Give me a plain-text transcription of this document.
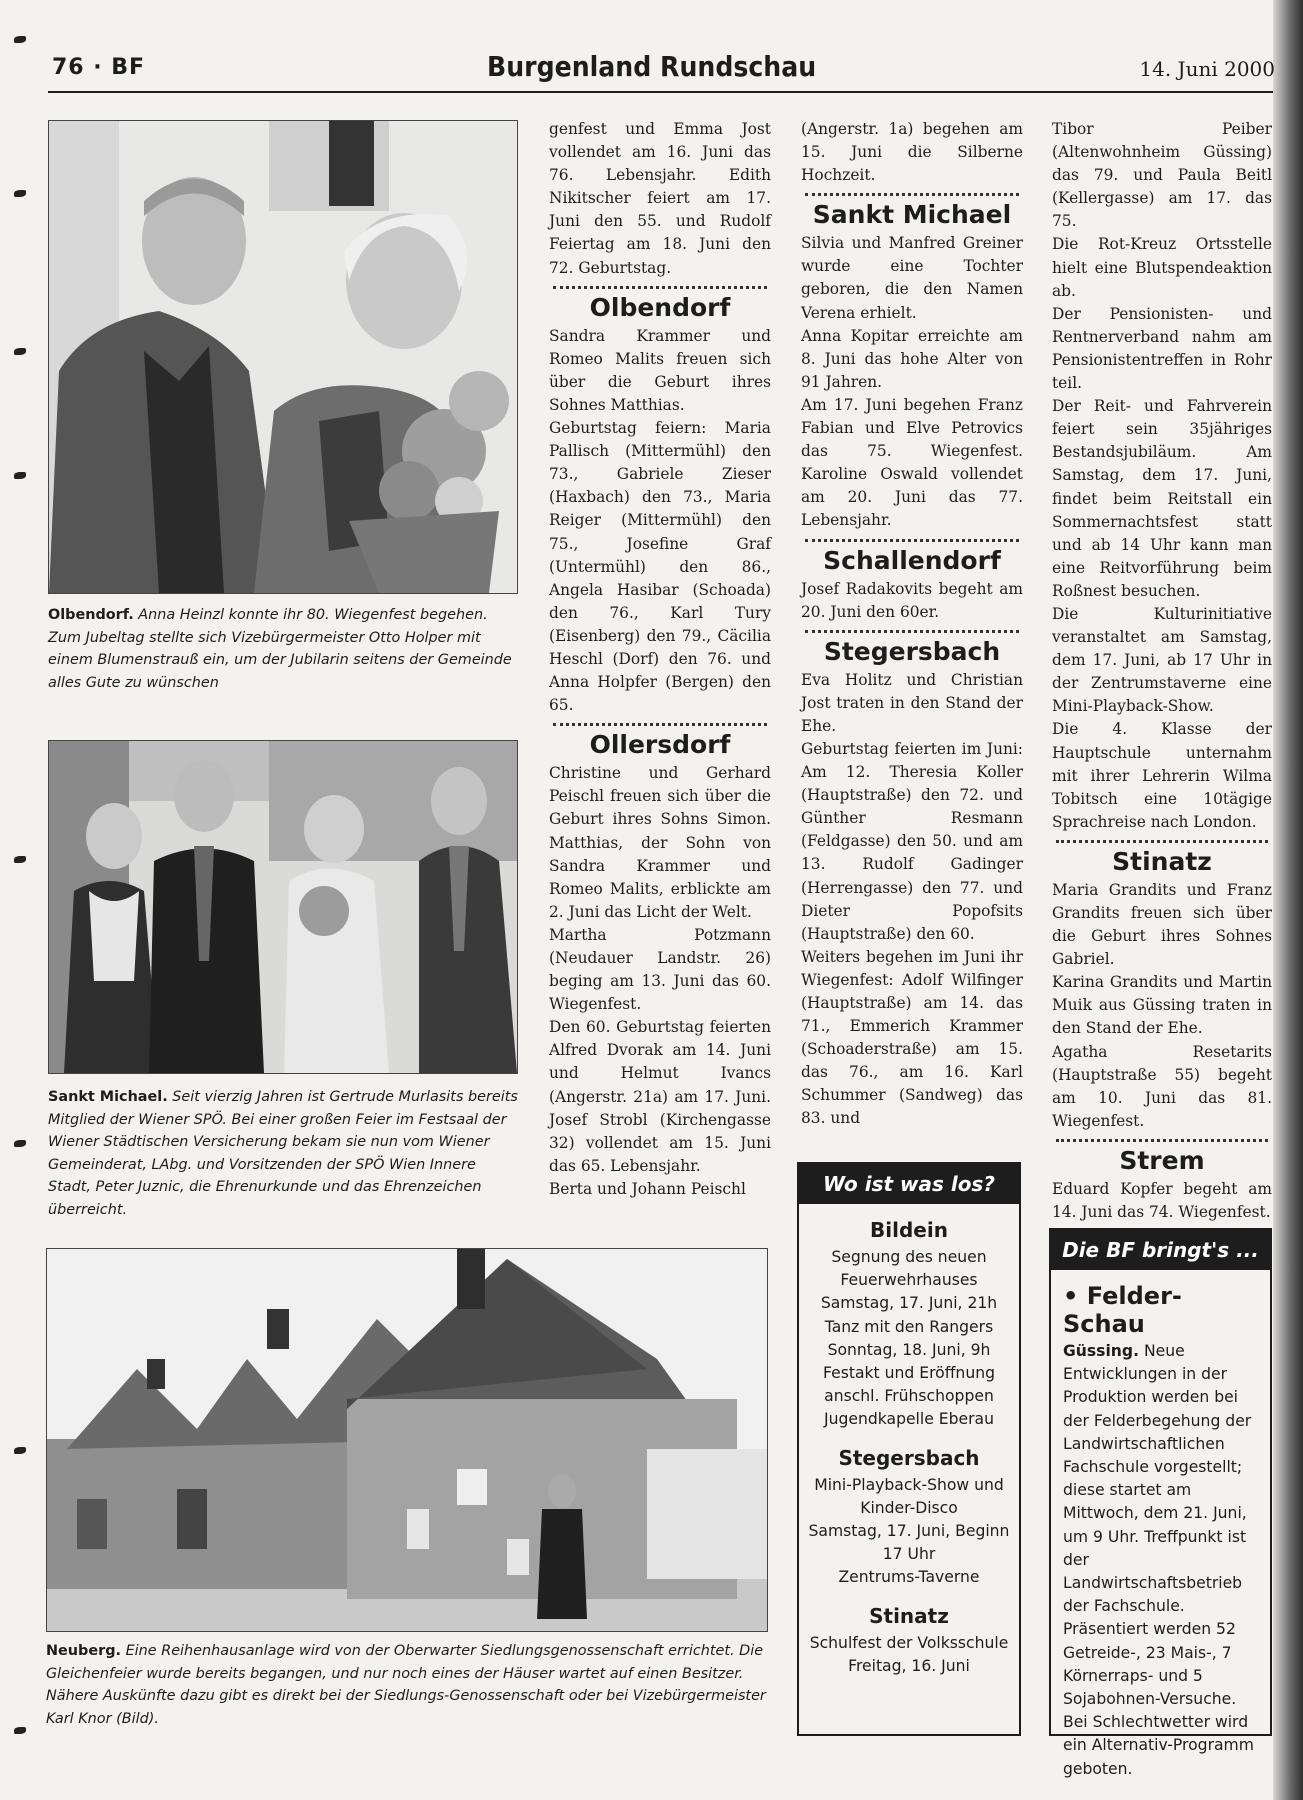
76 · BF	Burgenland Rundschau	14. Juni 2000
Olbendorf. Anna Heinzl konnte ihr 80. Wiegenfest begehen. Zum Jubeltag stellte sich Vizebürgermeister Otto Holper mit einem Blumenstrauß ein, um der Jubilarin seitens der Gemeinde alles Gute zu wünschen
Sankt Michael. Seit vierzig Jahren ist Gertrude Murlasits bereits Mitglied der Wiener SPÖ. Bei einer großen Feier im Festsaal der Wiener Städtischen Versicherung bekam sie nun vom Wiener Gemeinderat, LAbg. und Vorsitzenden der SPÖ Wien Innere Stadt, Peter Juznic, die Ehrenurkunde und das Ehrenzeichen überreicht.
Neuberg. Eine Reihenhausanlage wird von der Oberwarter Siedlungsgenossenschaft errichtet. Die Gleichenfeier wurde bereits begangen, und nur noch eines der Häuser wartet auf einen Besitzer. Nähere Auskünfte dazu gibt es direkt bei der Siedlungs-Genossenschaft oder bei Vizebürgermeister Karl Knor (Bild).

genfest und Emma Jost vollendet am 16. Juni das 76. Lebensjahr. Edith Nikitscher feiert am 17. Juni den 55. und Rudolf Feiertag am 18. Juni den 72. Geburtstag.

Olbendorf

Sandra Krammer und Romeo Malits freuen sich über die Geburt ihres Sohnes Matthias.

Geburtstag feiern: Maria Pallisch (Mittermühl) den 73., Gabriele Zieser (Haxbach) den 73., Maria Reiger (Mittermühl) den 75., Josefine Graf (Untermühl) den 86., Angela Hasibar (Schoada) den 76., Karl Tury (Eisenberg) den 79., Cäcilia Heschl (Dorf) den 76. und Anna Holpfer (Bergen) den 65.

Ollersdorf

Christine und Gerhard Peischl freuen sich über die Geburt ihres Sohns Simon. Matthias, der Sohn von Sandra Krammer und Romeo Malits, erblickte am 2. Juni das Licht der Welt.

Martha Potzmann (Neudauer Landstr. 26) beging am 13. Juni das 60. Wiegenfest.

Den 60. Geburtstag feierten Alfred Dvorak am 14. Juni und Helmut Ivancs (Angerstr. 21a) am 17. Juni. Josef Strobl (Kirchengasse 32) vollendet am 15. Juni das 65. Lebensjahr.

Berta und Johann Peischl

(Angerstr. 1a) begehen am 15. Juni die Silberne Hochzeit.

Sankt Michael

Silvia und Manfred Greiner wurde eine Tochter geboren, die den Namen Verena erhielt.

Anna Kopitar erreichte am 8. Juni das hohe Alter von 91 Jahren.

Am 17. Juni begehen Franz Fabian und Elve Petrovics das 75. Wiegenfest. Karoline Oswald vollendet am 20. Juni das 77. Lebensjahr.

Schallendorf

Josef Radakovits begeht am 20. Juni den 60er.

Stegersbach

Eva Holitz und Christian Jost traten in den Stand der Ehe.

Geburtstag feierten im Juni: Am 12. Theresia Koller (Hauptstraße) den 72. und Günther Resmann (Feldgasse) den 50. und am 13. Rudolf Gadinger (Herrengasse) den 77. und Dieter Popofsits (Hauptstraße) den 60.

Weiters begehen im Juni ihr Wiegenfest: Adolf Wilfinger (Hauptstraße) am 14. das 71., Emmerich Krammer (Schoaderstraße) am 15. das 76., am 16. Karl Schummer (Sandweg) das 83. und

Wo ist was los?
Bildein
Segnung des neuen Feuerwehrhauses
Samstag, 17. Juni, 21h
Tanz mit den Rangers
Sonntag, 18. Juni, 9h
Festakt und Eröffnung anschl. Frühschoppen Jugendkapelle Eberau
Stegersbach
Mini-Playback-Show und Kinder-Disco
Samstag, 17. Juni, Beginn 17 Uhr
Zentrums-Taverne
Stinatz
Schulfest der Volksschule
Freitag, 16. Juni

Tibor Peiber (Altenwohnheim Güssing) das 79. und Paula Beitl (Kellergasse) am 17. das 75.

Die Rot-Kreuz Ortsstelle hielt eine Blutspendeaktion ab.

Der Pensionisten- und Rentnerverband nahm am Pensionistentreffen in Rohr teil.

Der Reit- und Fahrverein feiert sein 35jähriges Bestandsjubiläum. Am Samstag, dem 17. Juni, findet beim Reitstall ein Sommernachtsfest statt und ab 14 Uhr kann man eine Reitvorführung beim Roßnest besuchen.

Die Kulturinitiative veranstaltet am Samstag, dem 17. Juni, ab 17 Uhr in der Zentrumstaverne eine Mini-Playback-Show.

Die 4. Klasse der Hauptschule unternahm mit ihrer Lehrerin Wilma Tobitsch eine 10tägige Sprachreise nach London.

Stinatz

Maria Grandits und Franz Grandits freuen sich über die Geburt ihres Sohnes Gabriel.

Karina Grandits und Martin Muik aus Güssing traten in den Stand der Ehe.

Agatha Resetarits (Hauptstraße 55) begeht am 10. Juni das 81. Wiegenfest.

Strem

Eduard Kopfer begeht am 14. Juni das 74. Wiegenfest.

Die BF bringt's ...
• Felder-Schau
Güssing. Neue Entwicklungen in der Produktion werden bei der Felderbegehung der Landwirtschaftlichen Fachschule vorgestellt; diese startet am Mittwoch, dem 21. Juni, um 9 Uhr. Treffpunkt ist der Landwirtschaftsbetrieb der Fachschule. Präsentiert werden 52 Getreide-, 23 Mais-, 7 Körnerraps- und 5 Sojabohnen-Versuche. Bei Schlechtwetter wird ein Alternativ-Programm geboten.
